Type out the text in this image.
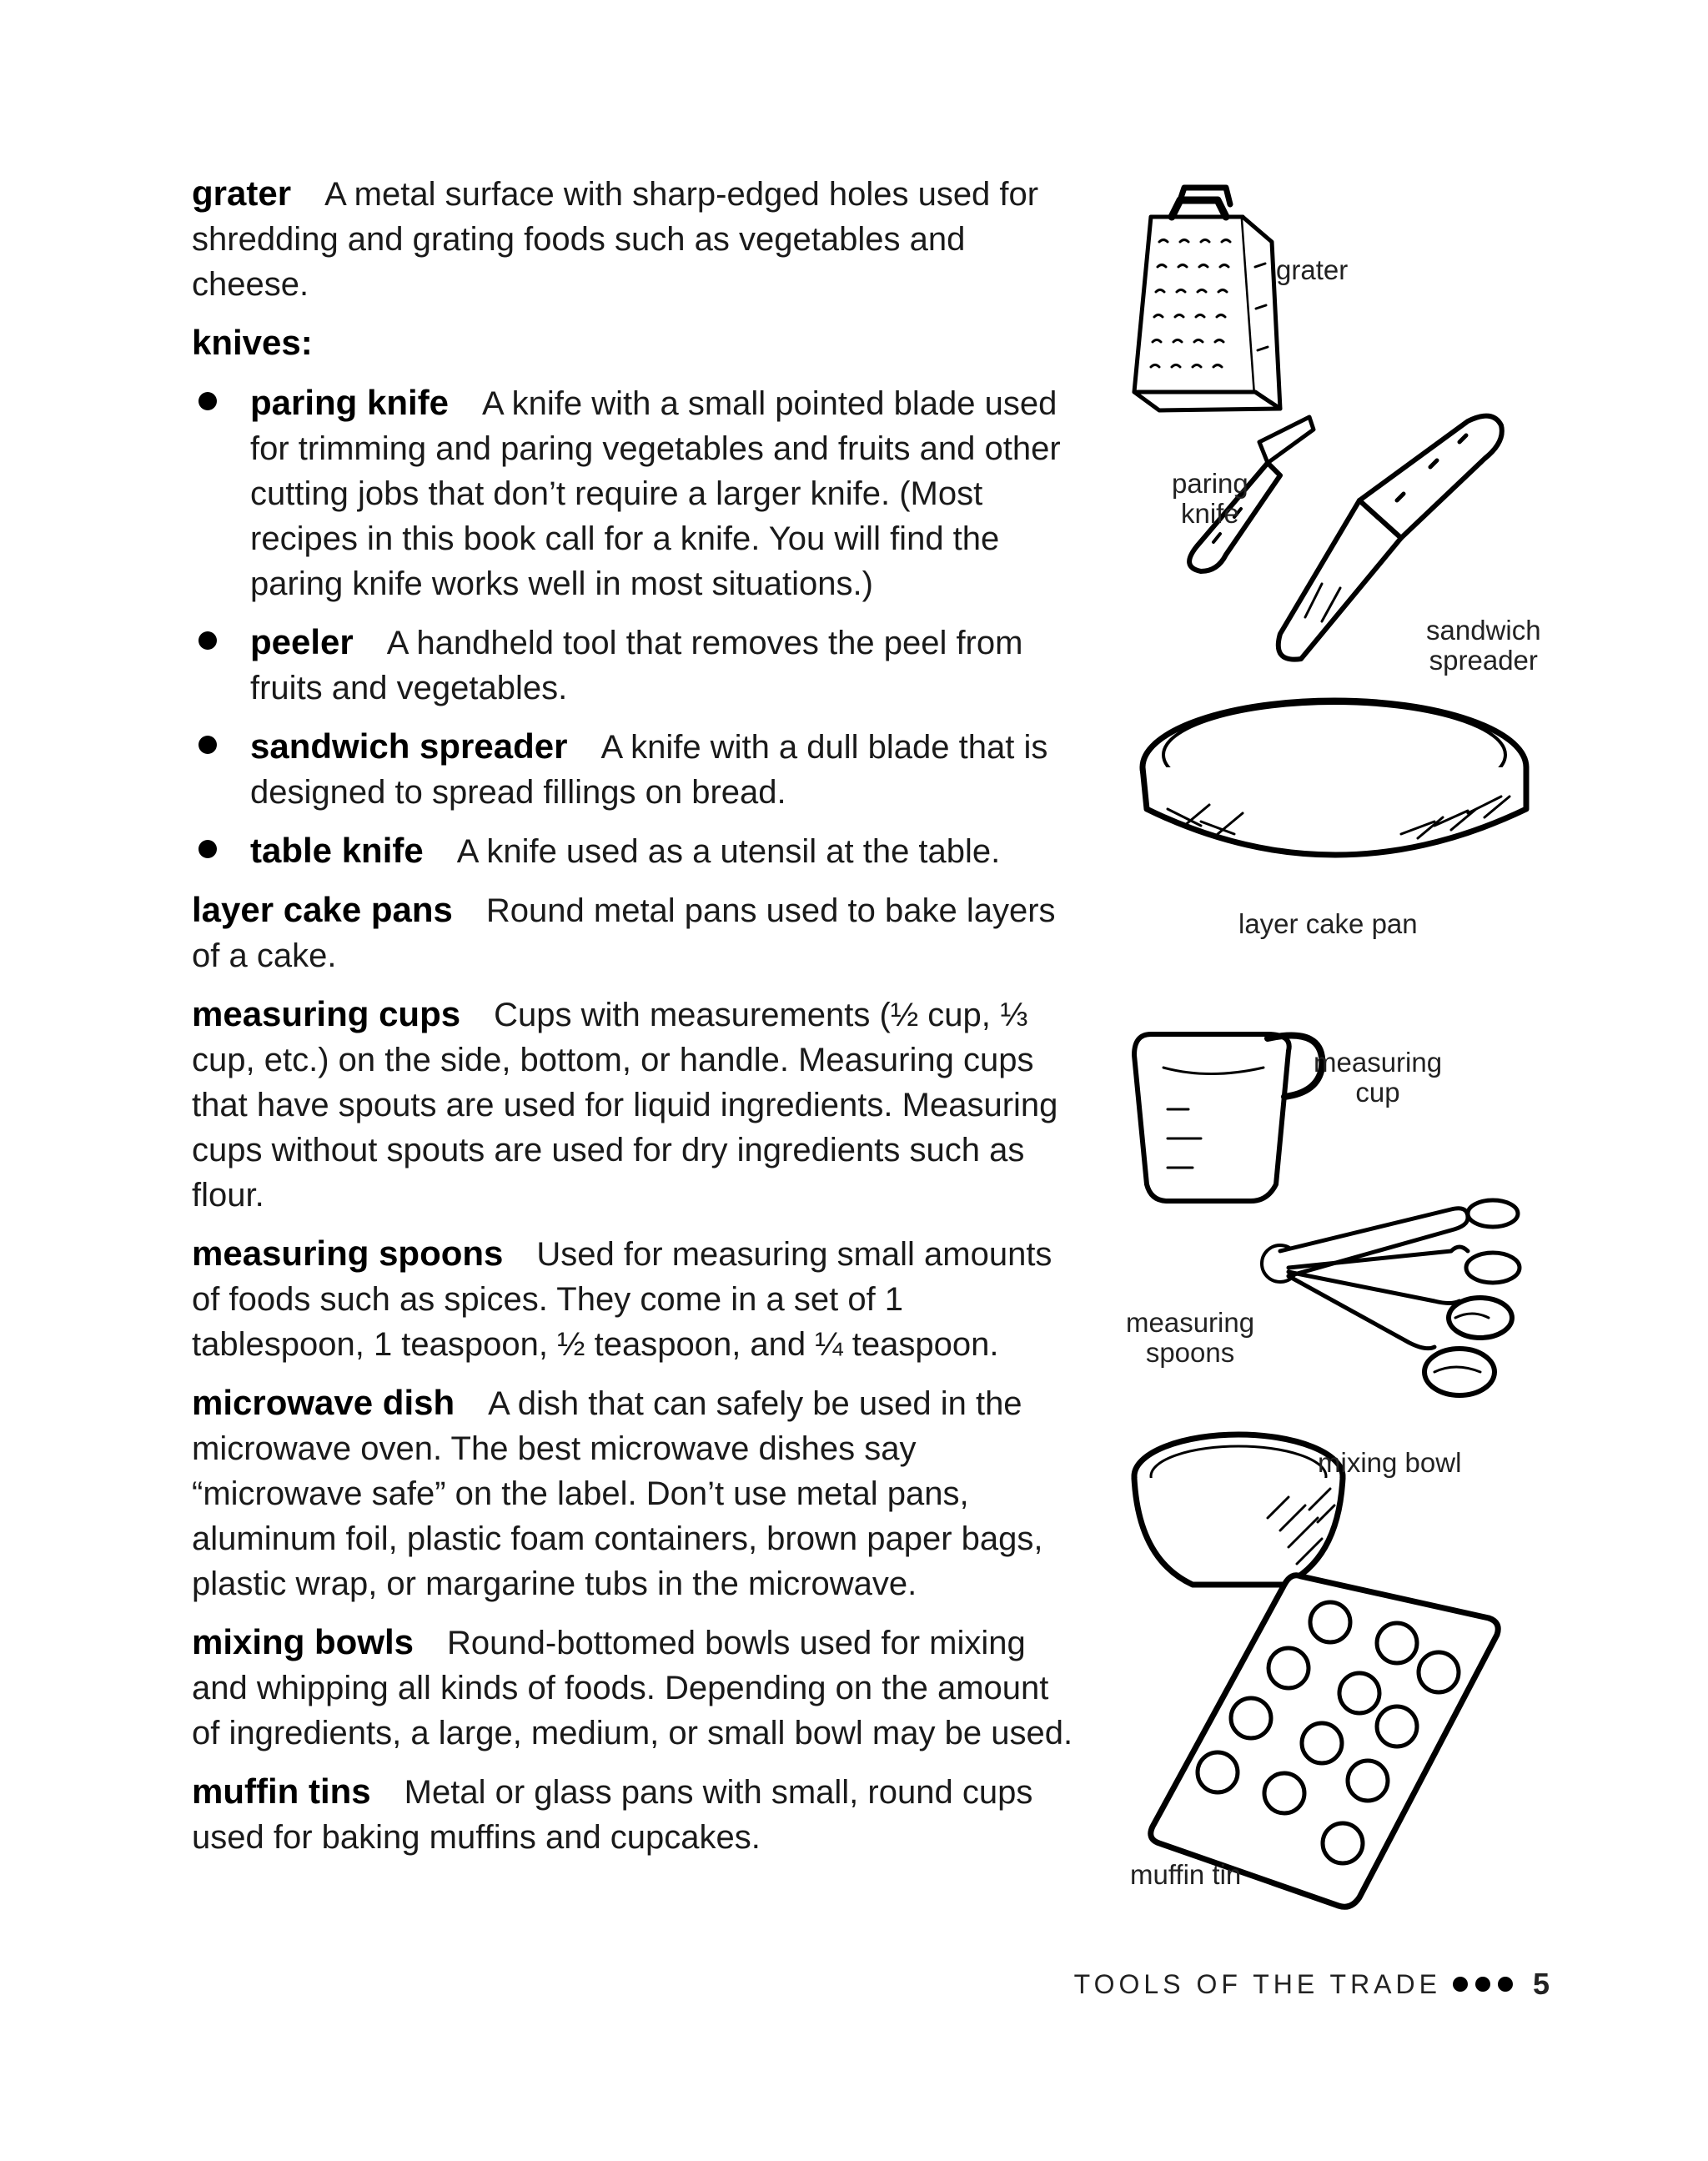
grater A metal surface with sharp-edged holes used for shredding and grating foods such as vegetables and cheese.

knives:
paring knife A knife with a small pointed blade used for trimming and paring vegetables and fruits and other cutting jobs that don’t require a larger knife. (Most recipes in this book call for a knife. You will find the paring knife works well in most situations.)
peeler A handheld tool that removes the peel from fruits and vegetables.
sandwich spreader A knife with a dull blade that is designed to spread fillings on bread.
table knife A knife used as a utensil at the table.

layer cake pans Round metal pans used to bake layers of a cake.

measuring cups Cups with measurements (½ cup, ⅓ cup, etc.) on the side, bottom, or handle. Measuring cups that have spouts are used for liquid ingredients. Measuring cups without spouts are used for dry ingredients such as flour.

measuring spoons Used for measuring small amounts of foods such as spices. They come in a set of 1 tablespoon, 1 teaspoon, ½ teaspoon, and ¼ teaspoon.

microwave dish A dish that can safely be used in the microwave oven. The best microwave dishes say “microwave safe” on the label. Don’t use metal pans, aluminum foil, plastic foam containers, brown paper bags, plastic wrap, or margarine tubs in the microwave.

mixing bowls Round-bottomed bowls used for mixing and whipping all kinds of foods. Depending on the amount of ingredients, a large, medium, or small bowl may be used.

muffin tins Metal or glass pans with small, round cups used for baking muffins and cupcakes.

grater
paring
knife
sandwich
spreader
layer cake pan
measuring
cup
measuring
spoons
mixing bowl
muffin tin
TOOLS OF THE TRADE	5
